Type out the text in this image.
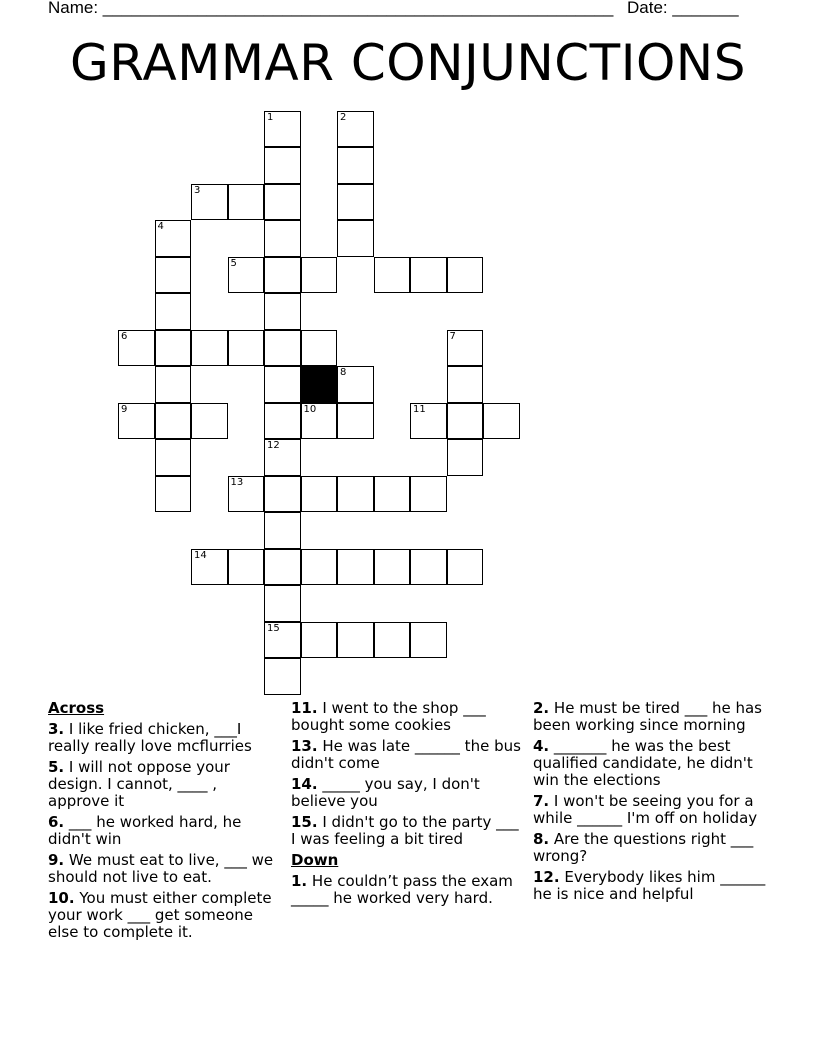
Name: ______________________________________________________ Date: _______
GRAMMAR CONJUNCTIONS
1
12
15
2
3
4
5
6	7
8
9	10	11
13
14
Across
3. I like fried chicken, ___I really really love mcflurries
5. I will not oppose your design. I cannot, ____ , approve it
6. ___ he worked hard, he didn't win
9. We must eat to live, ___ we should not live to eat.
10. You must either complete your work ___ get someone else to complete it.
11. I went to the shop ___ bought some cookies
13. He was late ______ the bus didn't come
14. _____ you say, I don't believe you
15. I didn't go to the party ___ I was feeling a bit tired
Down
1. He couldn’t pass the exam _____ he worked very hard.
2. He must be tired ___ he has been working since morning
4. _______ he was the best qualified candidate, he didn't win the elections
7. I won't be seeing you for a while ______ I'm off on holiday
8. Are the questions right ___ wrong?
12. Everybody likes him ______ he is nice and helpful
